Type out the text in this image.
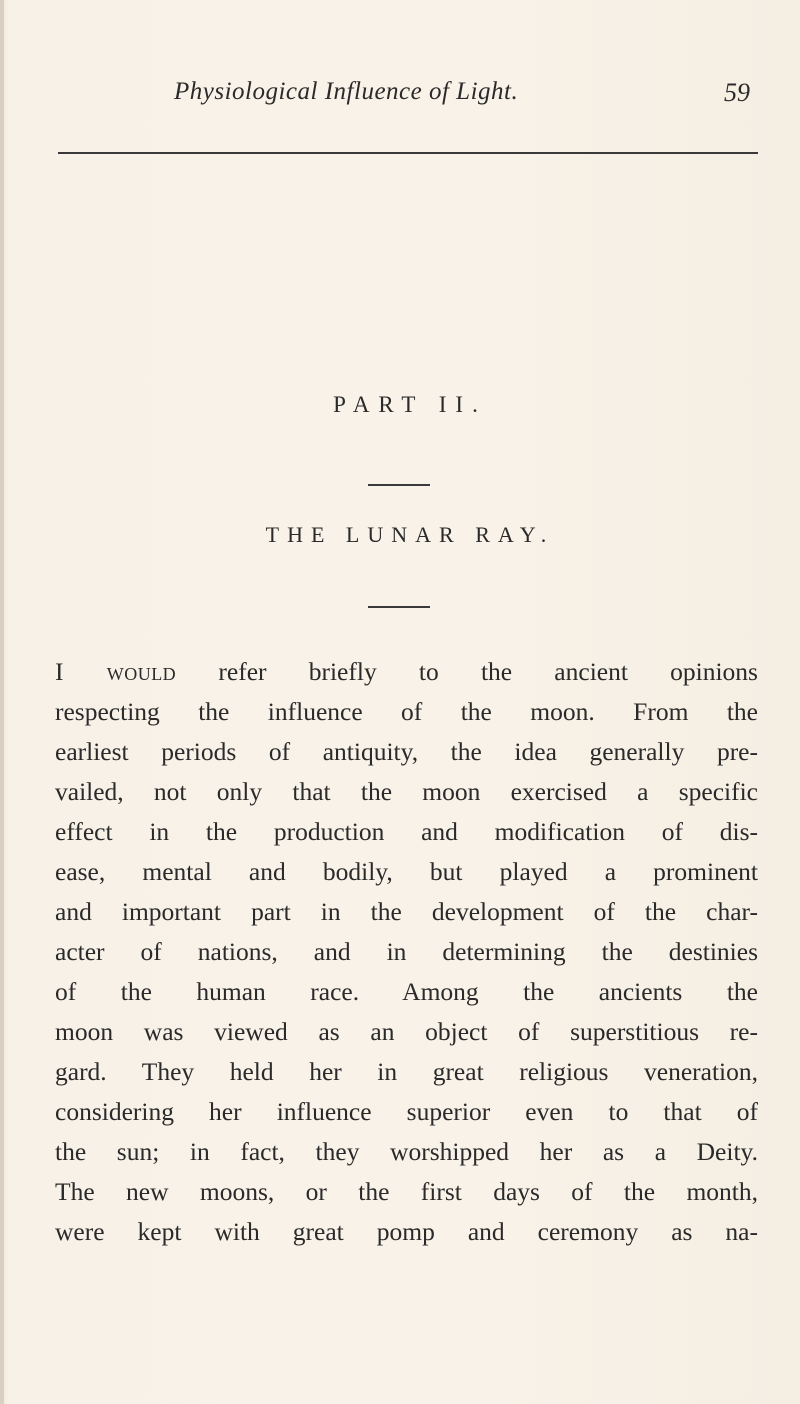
Physiological Influence of Light.	59
PART II.
THE LUNAR RAY.
I would refer briefly to the ancient opinions
respecting the influence of the moon. From the
earliest periods of antiquity, the idea generally pre-
vailed, not only that the moon exercised a specific
effect in the production and modification of dis-
ease, mental and bodily, but played a prominent
and important part in the development of the char-
acter of nations, and in determining the destinies
of the human race. Among the ancients the
moon was viewed as an object of superstitious re-
gard. They held her in great religious veneration,
considering her influence superior even to that of
the sun; in fact, they worshipped her as a Deity.
The new moons, or the first days of the month,
were kept with great pomp and ceremony as na-
